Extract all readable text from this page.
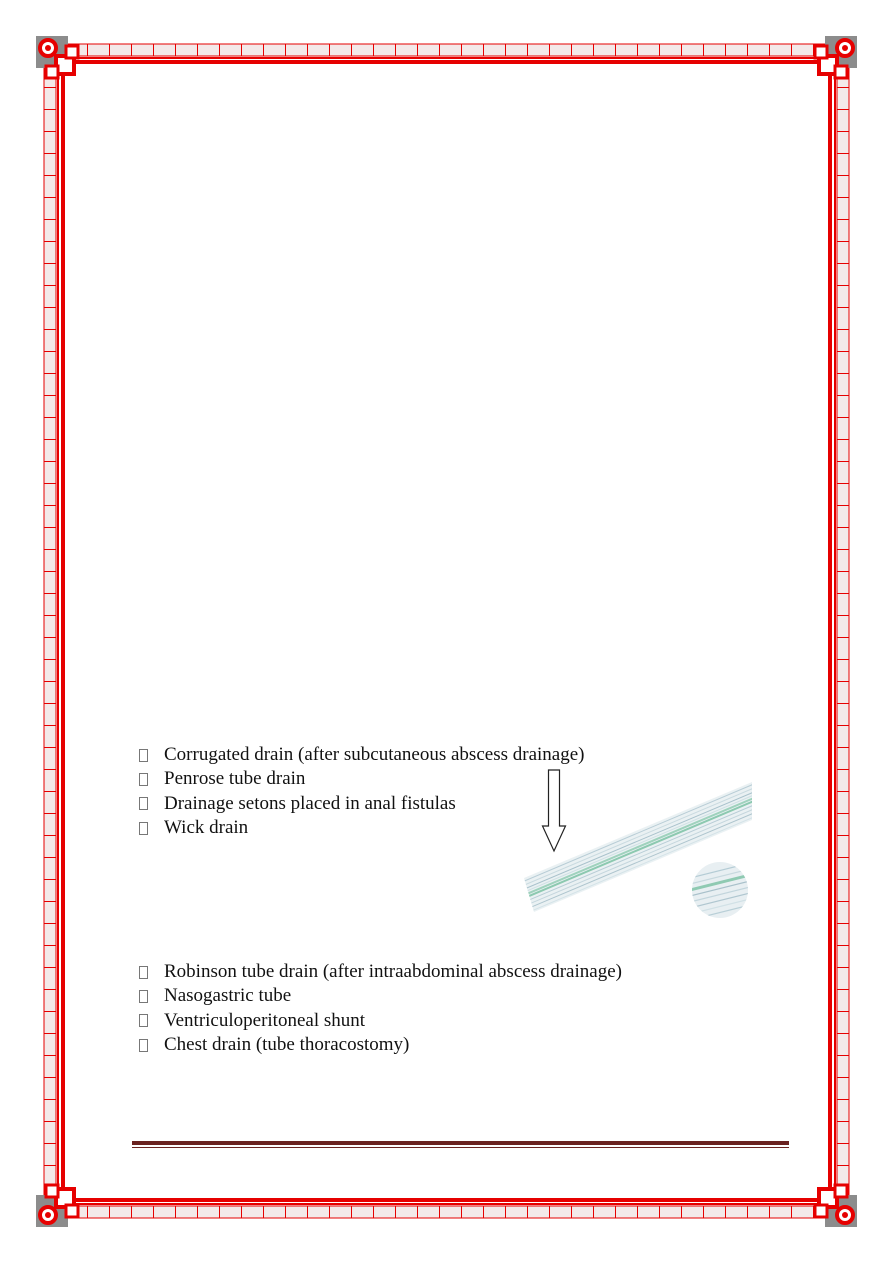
Corrugated drain (after subcutaneous abscess drainage)
Penrose tube drain
Drainage setons placed in anal fistulas
Wick drain
Robinson tube drain (after intraabdominal abscess drainage)
Nasogastric tube
Ventriculoperitoneal shunt
Chest drain (tube thoracostomy)
